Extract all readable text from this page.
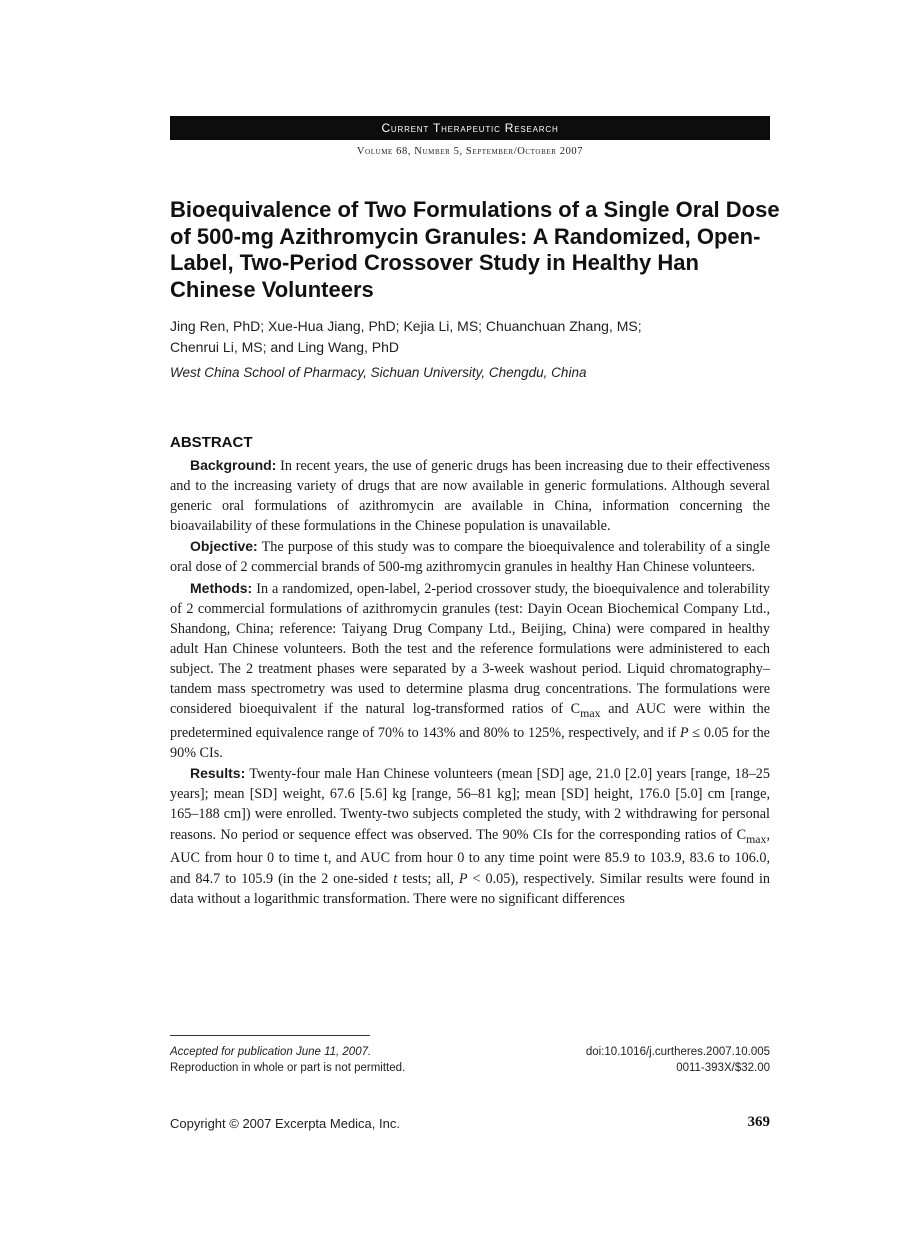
Current Therapeutic Research
Volume 68, Number 5, September/October 2007
Bioequivalence of Two Formulations of a Single Oral Dose of 500-mg Azithromycin Granules: A Randomized, Open-Label, Two-Period Crossover Study in Healthy Han Chinese Volunteers
Jing Ren, PhD; Xue-Hua Jiang, PhD; Kejia Li, MS; Chuanchuan Zhang, MS;
Chenrui Li, MS; and Ling Wang, PhD
West China School of Pharmacy, Sichuan University, Chengdu, China
ABSTRACT

Background: In recent years, the use of generic drugs has been increasing due to their effectiveness and to the increasing variety of drugs that are now available in generic formulations. Although several generic oral formulations of azithromycin are available in China, information concerning the bioavailability of these formulations in the Chinese population is unavailable.

Objective: The purpose of this study was to compare the bioequivalence and tolerability of a single oral dose of 2 commercial brands of 500-mg azithromycin granules in healthy Han Chinese volunteers.

Methods: In a randomized, open-label, 2-period crossover study, the bioequivalence and tolerability of 2 commercial formulations of azithromycin granules (test: Dayin Ocean Biochemical Company Ltd., Shandong, China; reference: Taiyang Drug Company Ltd., Beijing, China) were compared in healthy adult Han Chinese volunteers. Both the test and the reference formulations were administered to each subject. The 2 treatment phases were separated by a 3-week washout period. Liquid chromatography–tandem mass spectrometry was used to determine plasma drug concentrations. The formulations were considered bioequivalent if the natural log-transformed ratios of $C_{max}$ and AUC were within the predetermined equivalence range of 70% to 143% and 80% to 125%, respectively, and if P ≤ 0.05 for the 90% CIs.

Results: Twenty-four male Han Chinese volunteers (mean [SD] age, 21.0 [2.0] years [range, 18–25 years]; mean [SD] weight, 67.6 [5.6] kg [range, 56–81 kg]; mean [SD] height, 176.0 [5.0] cm [range, 165–188 cm]) were enrolled. Twenty-two subjects completed the study, with 2 withdrawing for personal reasons. No period or sequence effect was observed. The 90% CIs for the corresponding ratios of $C_{max}$, AUC from hour 0 to time t, and AUC from hour 0 to any time point were 85.9 to 103.9, 83.6 to 106.0, and 84.7 to 105.9 (in the 2 one-sided t tests; all, P < 0.05), respectively. Similar results were found in data without a logarithmic transformation. There were no significant differences

Accepted for publication June 11, 2007.
Reproduction in whole or part is not permitted.
doi:10.1016/j.curtheres.2007.10.005
0011-393X/$32.00
Copyright © 2007 Excerpta Medica, Inc.	369
